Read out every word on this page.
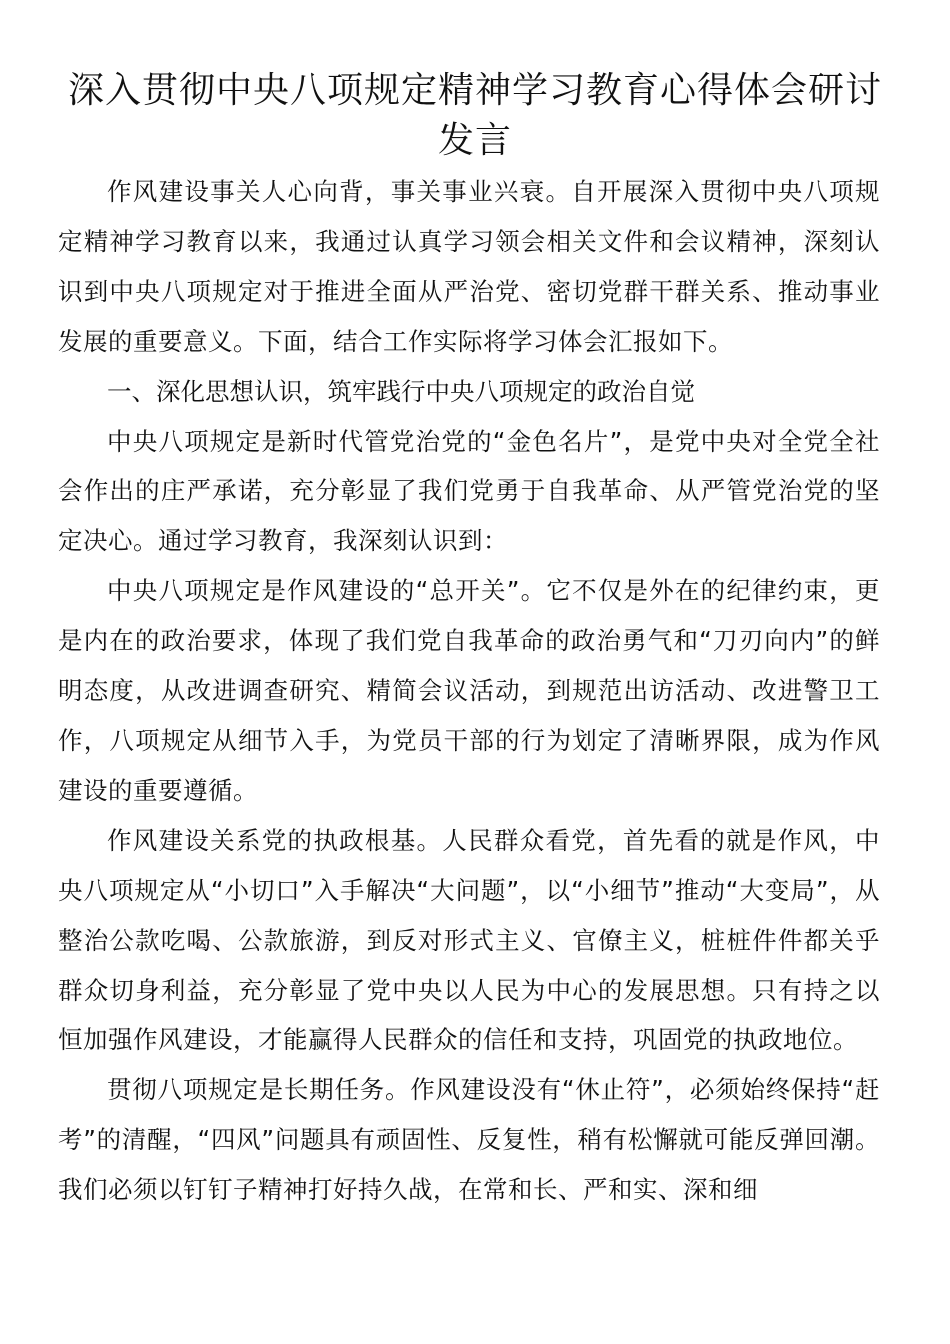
深入贯彻中央八项规定精神学习教育心得体会研讨发言

作风建设事关人心向背，事关事业兴衰。自开展深入贯彻中央八项规定精神学习教育以来，我通过认真学习领会相关文件和会议精神，深刻认识到中央八项规定对于推进全面从严治党、密切党群干群关系、推动事业发展的重要意义。下面，结合工作实际将学习体会汇报如下。

一、深化思想认识，筑牢践行中央八项规定的政治自觉

中央八项规定是新时代管党治党的“金色名片”，是党中央对全党全社会作出的庄严承诺，充分彰显了我们党勇于自我革命、从严管党治党的坚定决心。通过学习教育，我深刻认识到：

中央八项规定是作风建设的“总开关”。它不仅是外在的纪律约束，更是内在的政治要求，体现了我们党自我革命的政治勇气和“刀刃向内”的鲜明态度，从改进调查研究、精简会议活动，到规范出访活动、改进警卫工作，八项规定从细节入手，为党员干部的行为划定了清晰界限，成为作风建设的重要遵循。

作风建设关系党的执政根基。人民群众看党，首先看的就是作风，中央八项规定从“小切口”入手解决“大问题”，以“小细节”推动“大变局”，从整治公款吃喝、公款旅游，到反对形式主义、官僚主义，桩桩件件都关乎群众切身利益，充分彰显了党中央以人民为中心的发展思想。只有持之以恒加强作风建设，才能赢得人民群众的信任和支持，巩固党的执政地位。

贯彻八项规定是长期任务。作风建设没有“休止符”，必须始终保持“赶考”的清醒，“四风”问题具有顽固性、反复性，稍有松懈就可能反弹回潮。我们必须以钉钉子精神打好持久战，在常和长、严和实、深和细
